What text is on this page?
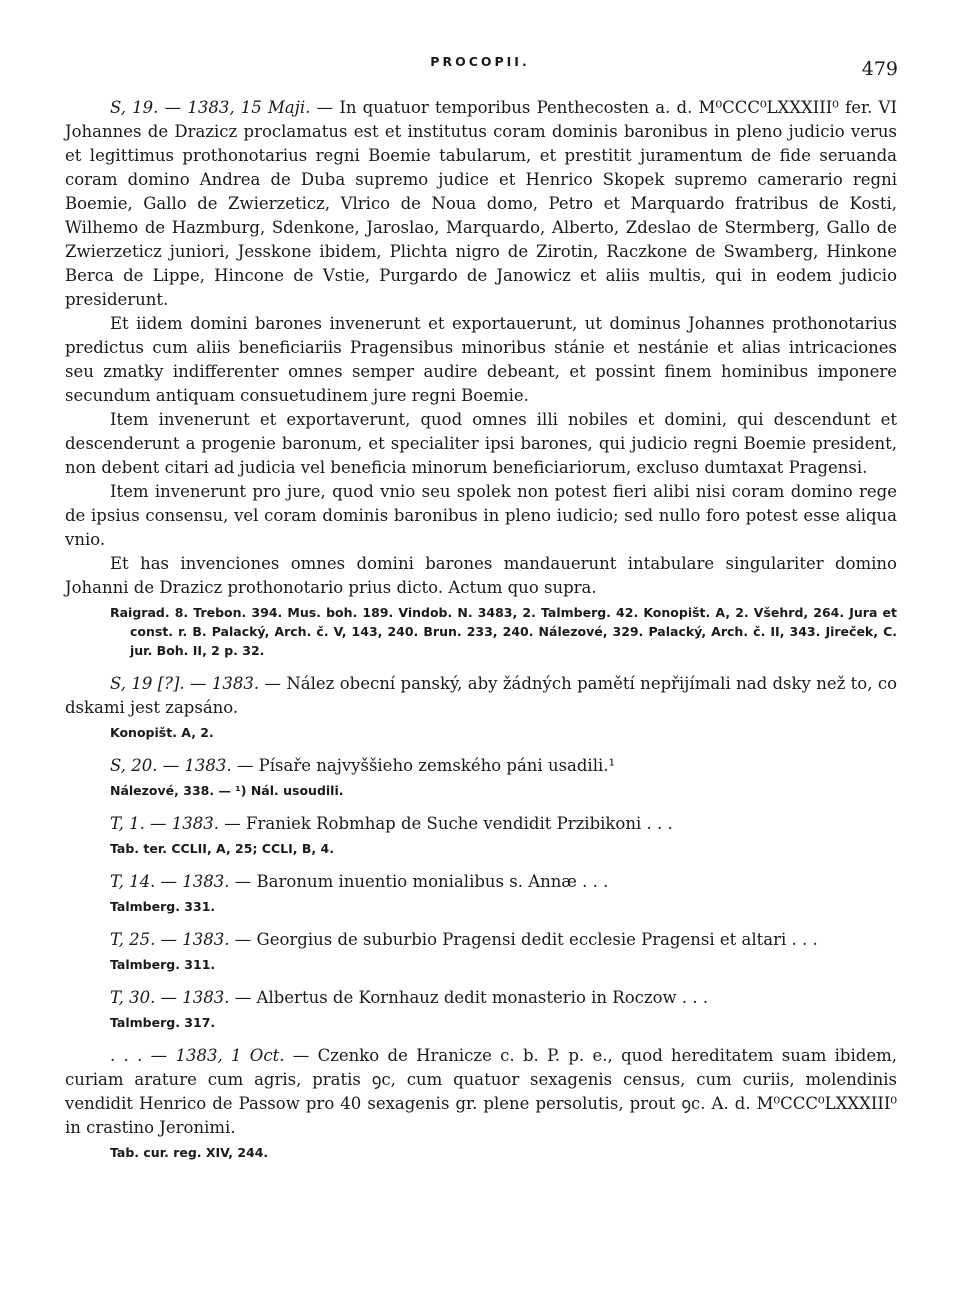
PROCOPII.	479

S, 19. — 1383, 15 Maji. — In quatuor temporibus Penthecosten a. d. M⁰CCC⁰LXXXIII⁰ fer. VI Johannes de Drazicz proclamatus est et institutus coram dominis baronibus in pleno judicio verus et legittimus prothonotarius regni Boemie tabularum, et prestitit juramentum de fide seruanda coram domino Andrea de Duba supremo judice et Henrico Skopek supremo camerario regni Boemie, Gallo de Zwierzeticz, Vlrico de Noua domo, Petro et Marquardo fratribus de Kosti, Wilhemo de Hazmburg, Sdenkone, Jaroslao, Marquardo, Alberto, Zdeslao de Stermberg, Gallo de Zwierzeticz juniori, Jesskone ibidem, Plichta nigro de Zirotin, Raczkone de Swamberg, Hinkone Berca de Lippe, Hincone de Vstie, Purgardo de Janowicz et aliis multis, qui in eodem judicio presiderunt.

Et iidem domini barones invenerunt et exportauerunt, ut dominus Johannes prothonotarius predictus cum aliis beneficiariis Pragensibus minoribus stánie et nestánie et alias intricaciones seu zmatky indifferenter omnes semper audire debeant, et possint finem hominibus imponere secundum antiquam consuetudinem jure regni Boemie.

Item invenerunt et exportaverunt, quod omnes illi nobiles et domini, qui descendunt et descenderunt a progenie baronum, et specialiter ipsi barones, qui judicio regni Boemie president, non debent citari ad judicia vel beneficia minorum beneficiariorum, excluso dumtaxat Pragensi.

Item invenerunt pro jure, quod vnio seu spolek non potest fieri alibi nisi coram domino rege de ipsius consensu, vel coram dominis baronibus in pleno iudicio; sed nullo foro potest esse aliqua vnio.

Et has invenciones omnes domini barones mandauerunt intabulare singulariter domino Johanni de Drazicz prothonotario prius dicto. Actum quo supra.

Raigrad. 8. Trebon. 394. Mus. boh. 189. Vindob. N. 3483, 2. Talmberg. 42. Konopišt. A, 2. Všehrd, 264. Jura et const. r. B. Palacký, Arch. č. V, 143, 240. Brun. 233, 240. Nálezové, 329. Palacký, Arch. č. II, 343. Jireček, C. jur. Boh. II, 2 p. 32.

S, 19 [?]. — 1383. — Nález obecní panský, aby žádných pamětí nepřijímali nad dsky než to, co dskami jest zapsáno.

Konopišt. A, 2.

S, 20. — 1383. — Písaře najvyššieho zemského páni usadili.¹

Nálezové, 338. — ¹) Nál. usoudili.

T, 1. — 1383. — Franiek Robmhap de Suche vendidit Przibikoni . . .

Tab. ter. CCLII, A, 25; CCLI, B, 4.

T, 14. — 1383. — Baronum inuentio monialibus s. Annæ . . .

Talmberg. 331.

T, 25. — 1383. — Georgius de suburbio Pragensi dedit ecclesie Pragensi et altari . . .

Talmberg. 311.

T, 30. — 1383. — Albertus de Kornhauz dedit monasterio in Roczow . . .

Talmberg. 317.

. . . — 1383, 1 Oct. — Czenko de Hranicze c. b. P. p. e., quod hereditatem suam ibidem, curiam arature cum agris, pratis ꝯc, cum quatuor sexagenis census, cum curiis, molendinis vendidit Henrico de Passow pro 40 sexagenis gr. plene persolutis, prout ꝯc. A. d. M⁰CCC⁰LXXXIII⁰ in crastino Jeronimi.

Tab. cur. reg. XIV, 244.
